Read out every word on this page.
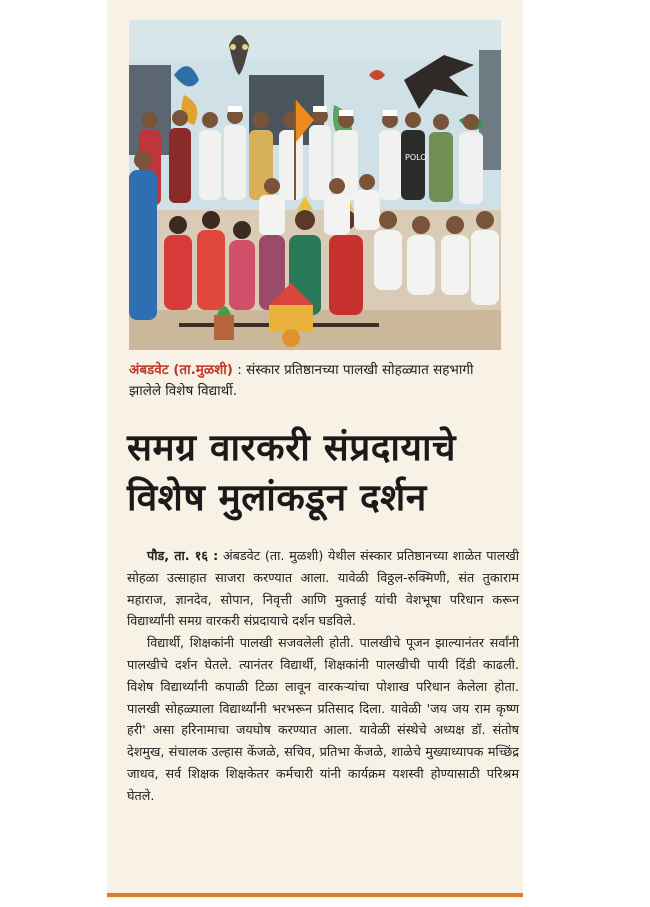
POLO
अंबडवेट (ता.मुळशी) : संस्कार प्रतिष्ठानच्या पालखी सोहळ्यात सहभागी झालेले विशेष विद्यार्थी.
समग्र वारकरी संप्रदायाचे
विशेष मुलांकडून दर्शन

पौड, ता. १६ : अंबडवेट (ता. मुळशी) येथील संस्कार प्रतिष्ठानच्या शाळेत पालखी सोहळा उत्साहात साजरा करण्यात आला. यावेळी विठ्ठल-रुक्मिणी, संत तुकाराम महाराज, ज्ञानदेव, सोपान, निवृत्ती आणि मुक्ताई यांची वेशभूषा परिधान करून विद्यार्थ्यांनी समग्र वारकरी संप्रदायाचे दर्शन घडविले.

विद्यार्थी, शिक्षकांनी पालखी सजवलेली होती. पालखीचे पूजन झाल्यानंतर सर्वांनी पालखीचे दर्शन घेतले. त्यानंतर विद्यार्थी, शिक्षकांनी पालखीची पायी दिंडी काढली. विशेष विद्यार्थ्यांनी कपाळी टिळा लावून वारकऱ्यांचा पोशाख परिधान केलेला होता. पालखी सोहळ्याला विद्यार्थ्यांनी भरभरून प्रतिसाद दिला. यावेळी 'जय जय राम कृष्ण हरी' असा हरिनामाचा जयघोष करण्यात आला. यावेळी संस्थेचे अध्यक्ष डॉ. संतोष देशमुख, संचालक उल्हास केंजळे, सचिव, प्रतिभा केंजळे, शाळेचे मुख्याध्यापक मच्छिंद्र जाधव, सर्व शिक्षक शिक्षकेतर कर्मचारी यांनी कार्यक्रम यशस्वी होण्यासाठी परिश्रम घेतले.
